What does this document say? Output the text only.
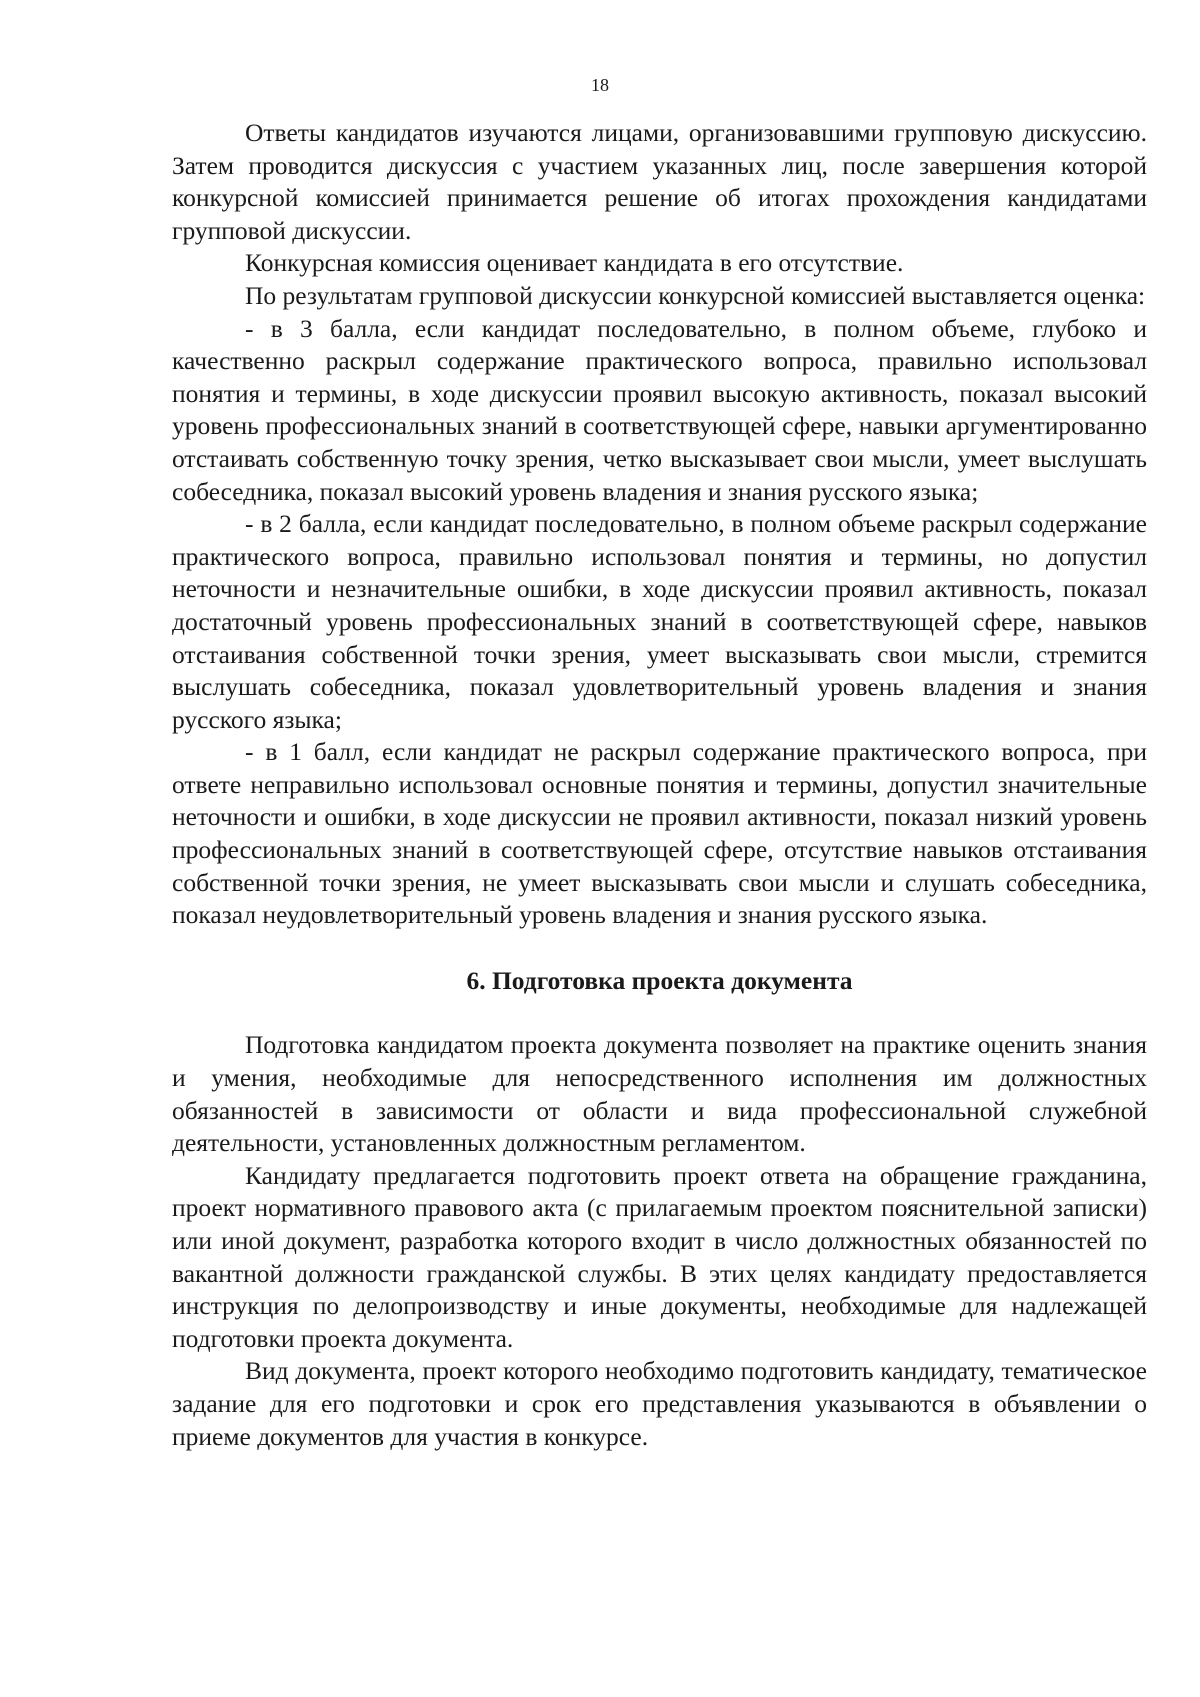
18

Ответы кандидатов изучаются лицами, организовавшими групповую дискуссию. Затем проводится дискуссия с участием указанных лиц, после завершения которой конкурсной комиссией принимается решение об итогах прохождения кандидатами групповой дискуссии.

Конкурсная комиссия оценивает кандидата в его отсутствие.

По результатам групповой дискуссии конкурсной комиссией выставляется оценка:

- в 3 балла, если кандидат последовательно, в полном объеме, глубоко и качественно раскрыл содержание практического вопроса, правильно использовал понятия и термины, в ходе дискуссии проявил высокую активность, показал высокий уровень профессиональных знаний в соответствующей сфере, навыки аргументированно отстаивать собственную точку зрения, четко высказывает свои мысли, умеет выслушать собеседника, показал высокий уровень владения и знания русского языка;

- в 2 балла, если кандидат последовательно, в полном объеме раскрыл содержание практического вопроса, правильно использовал понятия и термины, но допустил неточности и незначительные ошибки, в ходе дискуссии проявил активность, показал достаточный уровень профессиональных знаний в соответствующей сфере, навыков отстаивания собственной точки зрения, умеет высказывать свои мысли, стремится выслушать собеседника, показал удовлетворительный уровень владения и знания русского языка;

- в 1 балл, если кандидат не раскрыл содержание практического вопроса, при ответе неправильно использовал основные понятия и термины, допустил значительные неточности и ошибки, в ходе дискуссии не проявил активности, показал низкий уровень профессиональных знаний в соответствующей сфере, отсутствие навыков отстаивания собственной точки зрения, не умеет высказывать свои мысли и слушать собеседника, показал неудовлетворительный уровень владения и знания русского языка.

6. Подготовка проекта документа

Подготовка кандидатом проекта документа позволяет на практике оценить знания и умения, необходимые для непосредственного исполнения им должностных обязанностей в зависимости от области и вида профессиональной служебной деятельности, установленных должностным регламентом.

Кандидату предлагается подготовить проект ответа на обращение гражданина, проект нормативного правового акта (с прилагаемым проектом пояснительной записки) или иной документ, разработка которого входит в число должностных обязанностей по вакантной должности гражданской службы. В этих целях кандидату предоставляется инструкция по делопроизводству и иные документы, необходимые для надлежащей подготовки проекта документа.

Вид документа, проект которого необходимо подготовить кандидату, тематическое задание для его подготовки и срок его представления указываются в объявлении о приеме документов для участия в конкурсе.
